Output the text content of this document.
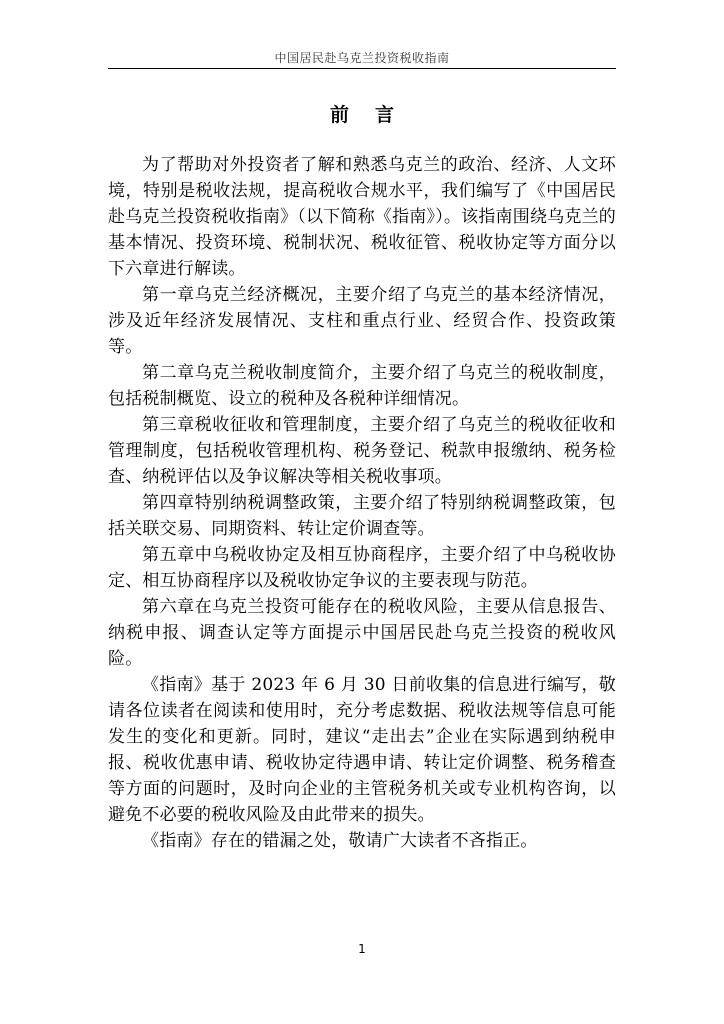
中国居民赴乌克兰投资税收指南
前 言

为了帮助对外投资者了解和熟悉乌克兰的政治、经济、人文环境，特别是税收法规，提高税收合规水平，我们编写了《中国居民赴乌克兰投资税收指南》（以下简称《指南》）。该指南围绕乌克兰的基本情况、投资环境、税制状况、税收征管、税收协定等方面分以下六章进行解读。

第一章乌克兰经济概况，主要介绍了乌克兰的基本经济情况，涉及近年经济发展情况、支柱和重点行业、经贸合作、投资政策等。

第二章乌克兰税收制度简介，主要介绍了乌克兰的税收制度，包括税制概览、设立的税种及各税种详细情况。

第三章税收征收和管理制度，主要介绍了乌克兰的税收征收和管理制度，包括税收管理机构、税务登记、税款申报缴纳、税务检查、纳税评估以及争议解决等相关税收事项。

第四章特别纳税调整政策，主要介绍了特别纳税调整政策，包括关联交易、同期资料、转让定价调查等。

第五章中乌税收协定及相互协商程序，主要介绍了中乌税收协定、相互协商程序以及税收协定争议的主要表现与防范。

第六章在乌克兰投资可能存在的税收风险，主要从信息报告、纳税申报、调查认定等方面提示中国居民赴乌克兰投资的税收风险。

《指南》基于 2023 年 6 月 30 日前收集的信息进行编写，敬请各位读者在阅读和使用时，充分考虑数据、税收法规等信息可能发生的变化和更新。同时，建议“走出去”企业在实际遇到纳税申报、税收优惠申请、税收协定待遇申请、转让定价调整、税务稽查等方面的问题时，及时向企业的主管税务机关或专业机构咨询，以避免不必要的税收风险及由此带来的损失。

《指南》存在的错漏之处，敬请广大读者不吝指正。

1
